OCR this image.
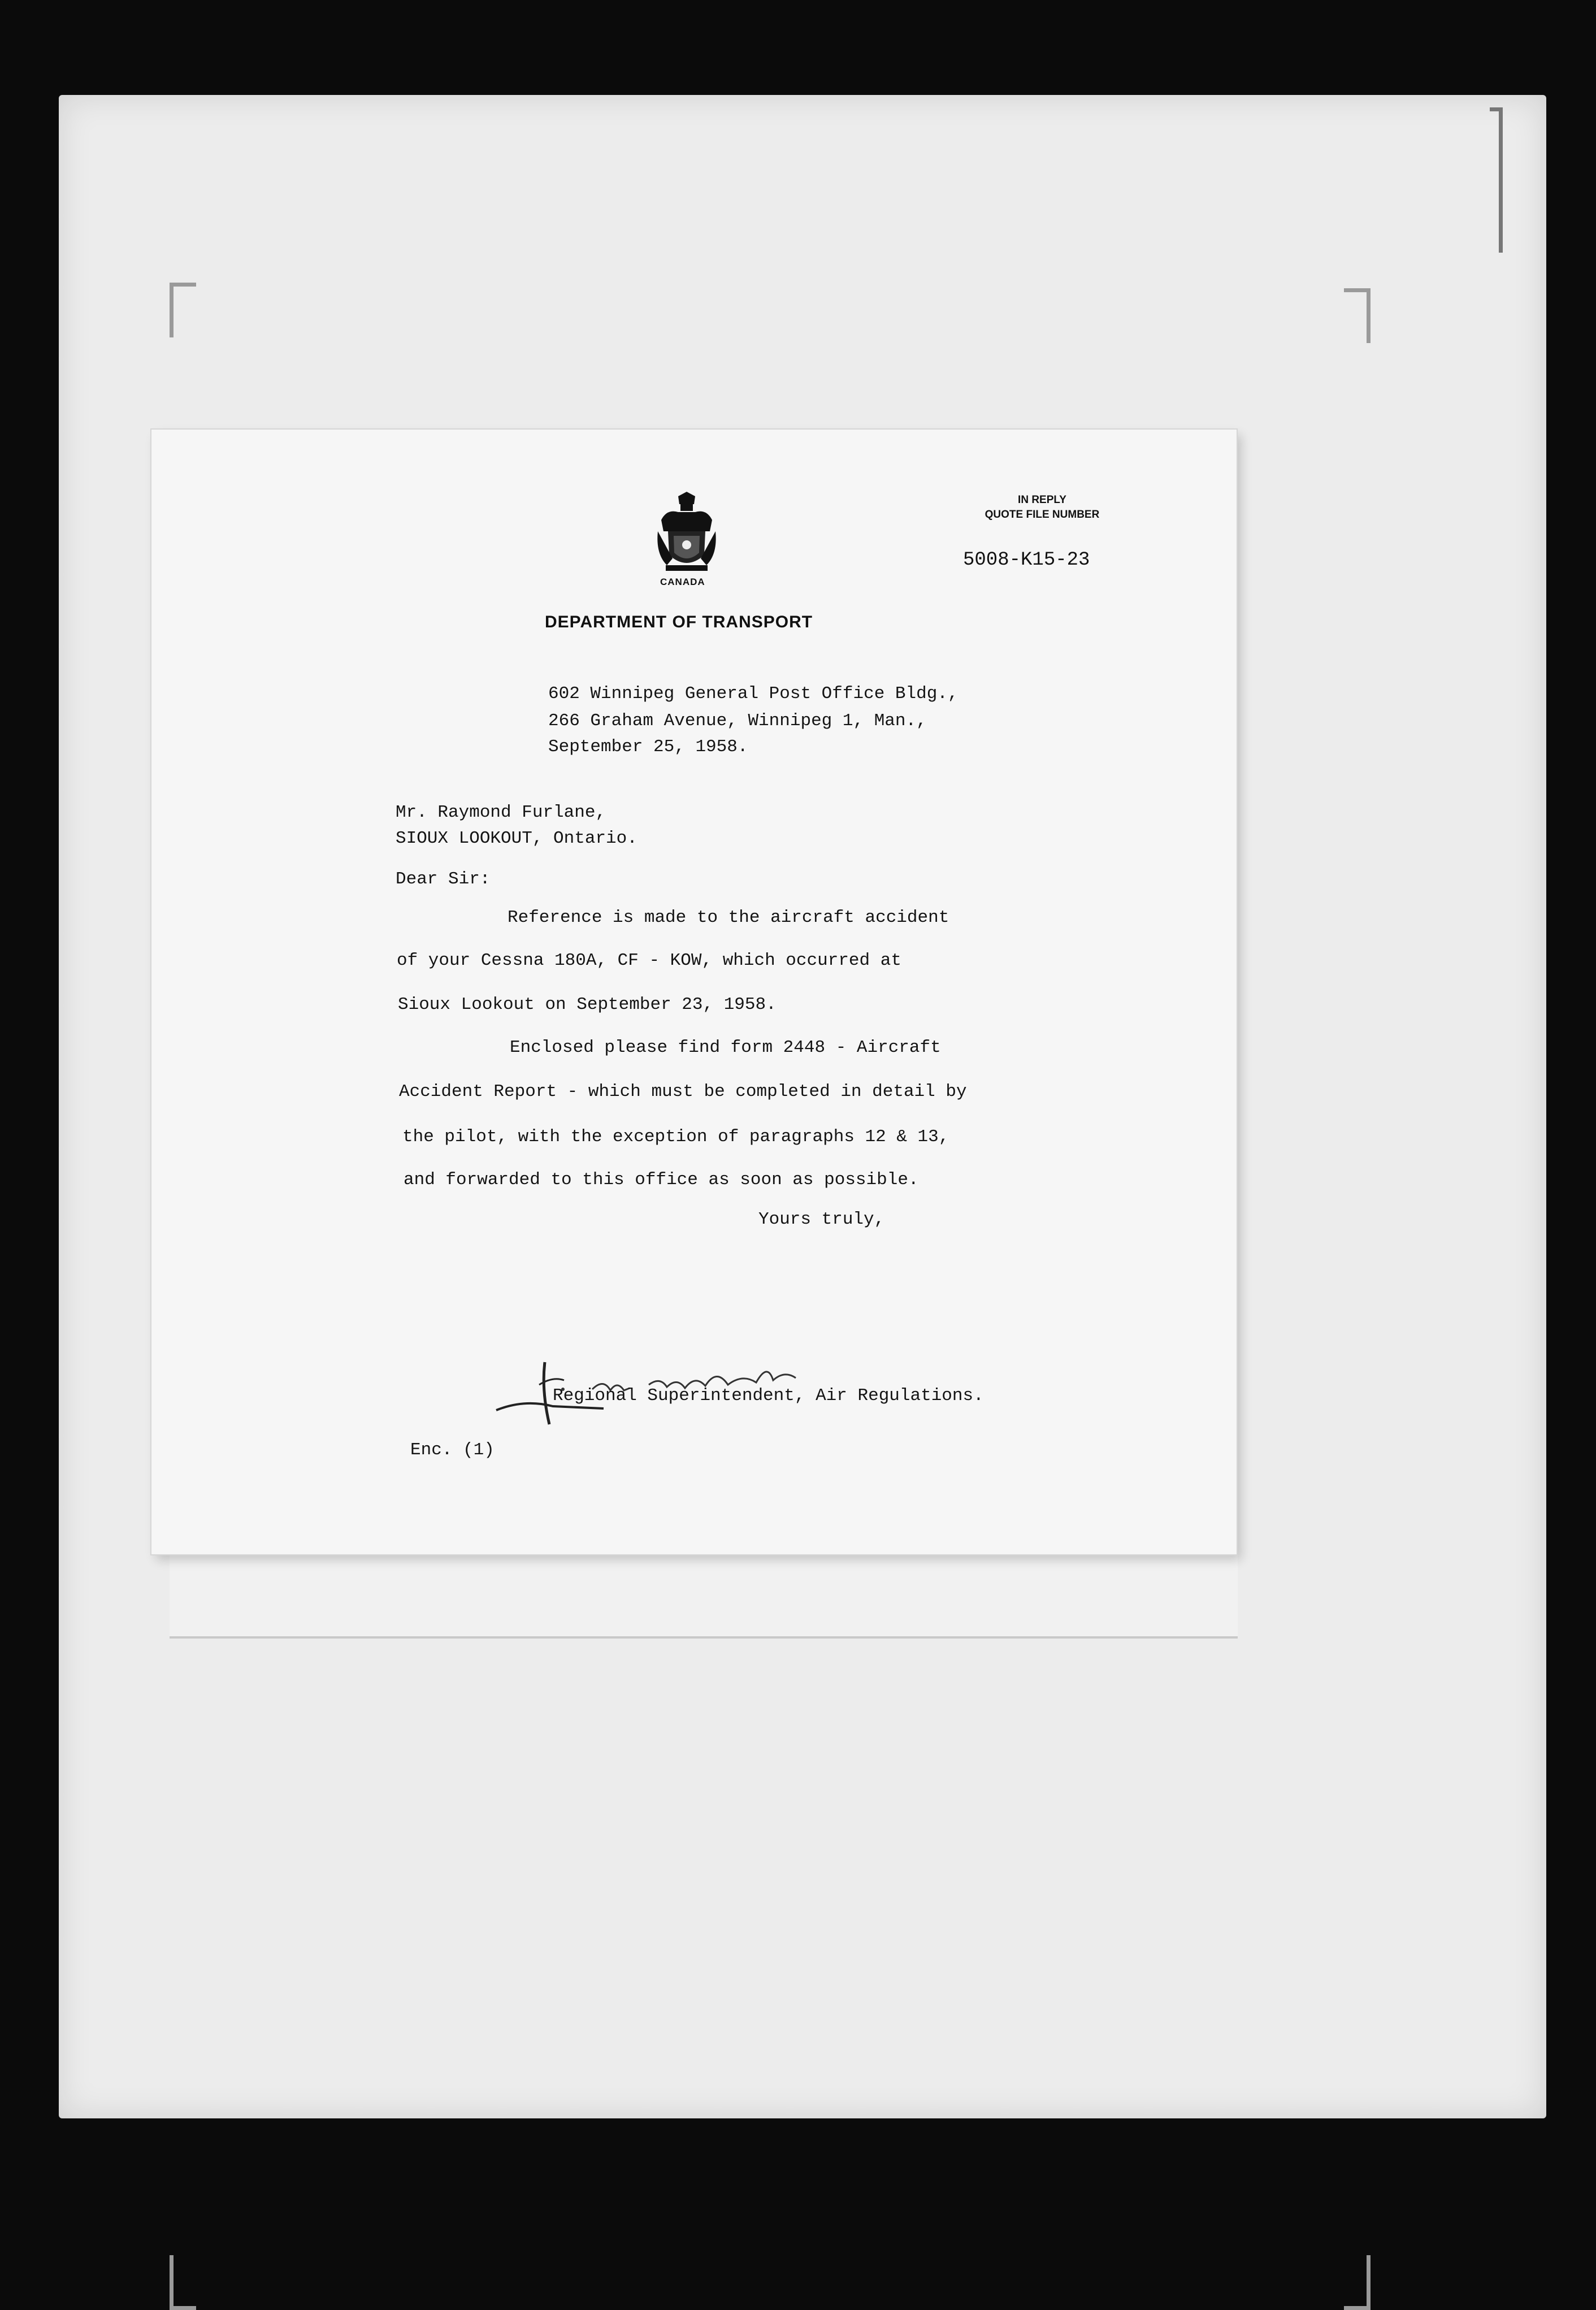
CANADA
DEPARTMENT OF TRANSPORT
IN REPLY
QUOTE FILE NUMBER
5008-K15-23
602 Winnipeg General Post Office Bldg.,
266 Graham Avenue, Winnipeg 1, Man.,
September 25, 1958.
Mr. Raymond Furlane,
SIOUX LOOKOUT, Ontario.
Dear Sir:
Reference is made to the aircraft accident
of your Cessna 180A, CF - KOW, which occurred at
Sioux Lookout on September 23, 1958.
Enclosed please find form 2448 - Aircraft
Accident Report - which must be completed in detail by
the pilot, with the exception of paragraphs 12 & 13,
and forwarded to this office as soon as possible.
Yours truly,
Regional Superintendent, Air Regulations.
Enc. (1)
